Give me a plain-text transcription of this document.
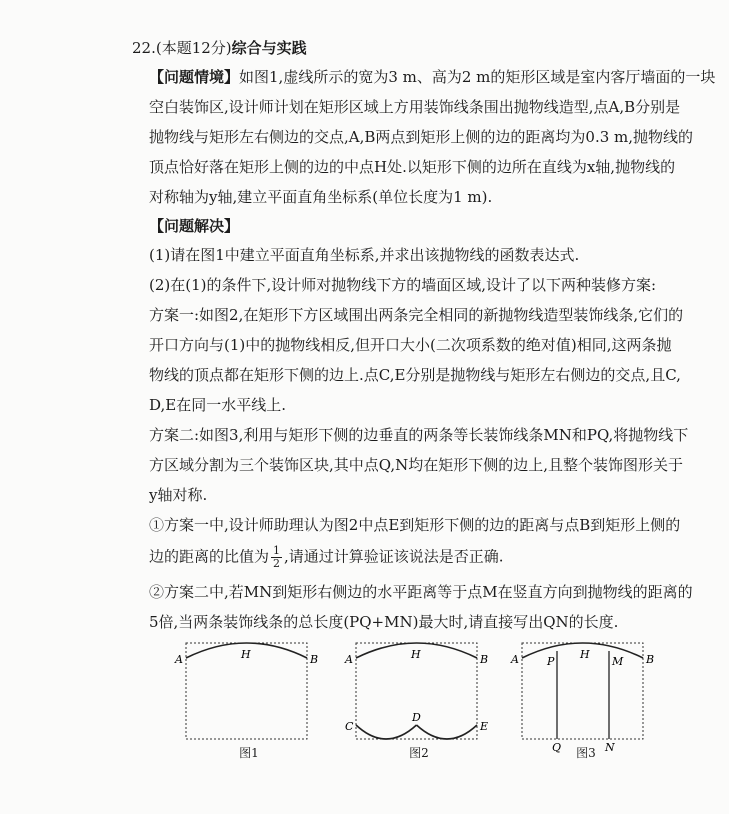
22.(本题12分)综合与实践
【问题情境】如图1,虚线所示的宽为3 m、高为2 m的矩形区域是室内客厅墙面的一块
空白装饰区,设计师计划在矩形区域上方用装饰线条围出抛物线造型,点A,B分别是
抛物线与矩形左右侧边的交点,A,B两点到矩形上侧的边的距离均为0.3 m,抛物线的
顶点恰好落在矩形上侧的边的中点H处.以矩形下侧的边所在直线为x轴,抛物线的
对称轴为y轴,建立平面直角坐标系(单位长度为1 m).
【问题解决】
(1)请在图1中建立平面直角坐标系,并求出该抛物线的函数表达式.
(2)在(1)的条件下,设计师对抛物线下方的墙面区域,设计了以下两种装修方案:
方案一:如图2,在矩形下方区域围出两条完全相同的新抛物线造型装饰线条,它们的
开口方向与(1)中的抛物线相反,但开口大小(二次项系数的绝对值)相同,这两条抛
物线的顶点都在矩形下侧的边上.点C,E分别是抛物线与矩形左右侧边的交点,且C,
D,E在同一水平线上.
方案二:如图3,利用与矩形下侧的边垂直的两条等长装饰线条MN和PQ,将抛物线下
方区域分割为三个装饰区块,其中点Q,N均在矩形下侧的边上,且整个装饰图形关于
y轴对称.
①方案一中,设计师助理认为图2中点E到矩形下侧的边的距离与点B到矩形上侧的
边的距离的比值为 $\frac{1}{2}$ ,请通过计算验证该说法是否正确.
②方案二中,若MN到矩形右侧边的水平距离等于点M在竖直方向到抛物线的距离的
5倍,当两条装饰线条的总长度(PQ+MN)最大时,请直接写出QN的长度.
A	B
H	A	B
H
C	E
D
A	B
H
P	M
Q	N
图1	图2	图3
